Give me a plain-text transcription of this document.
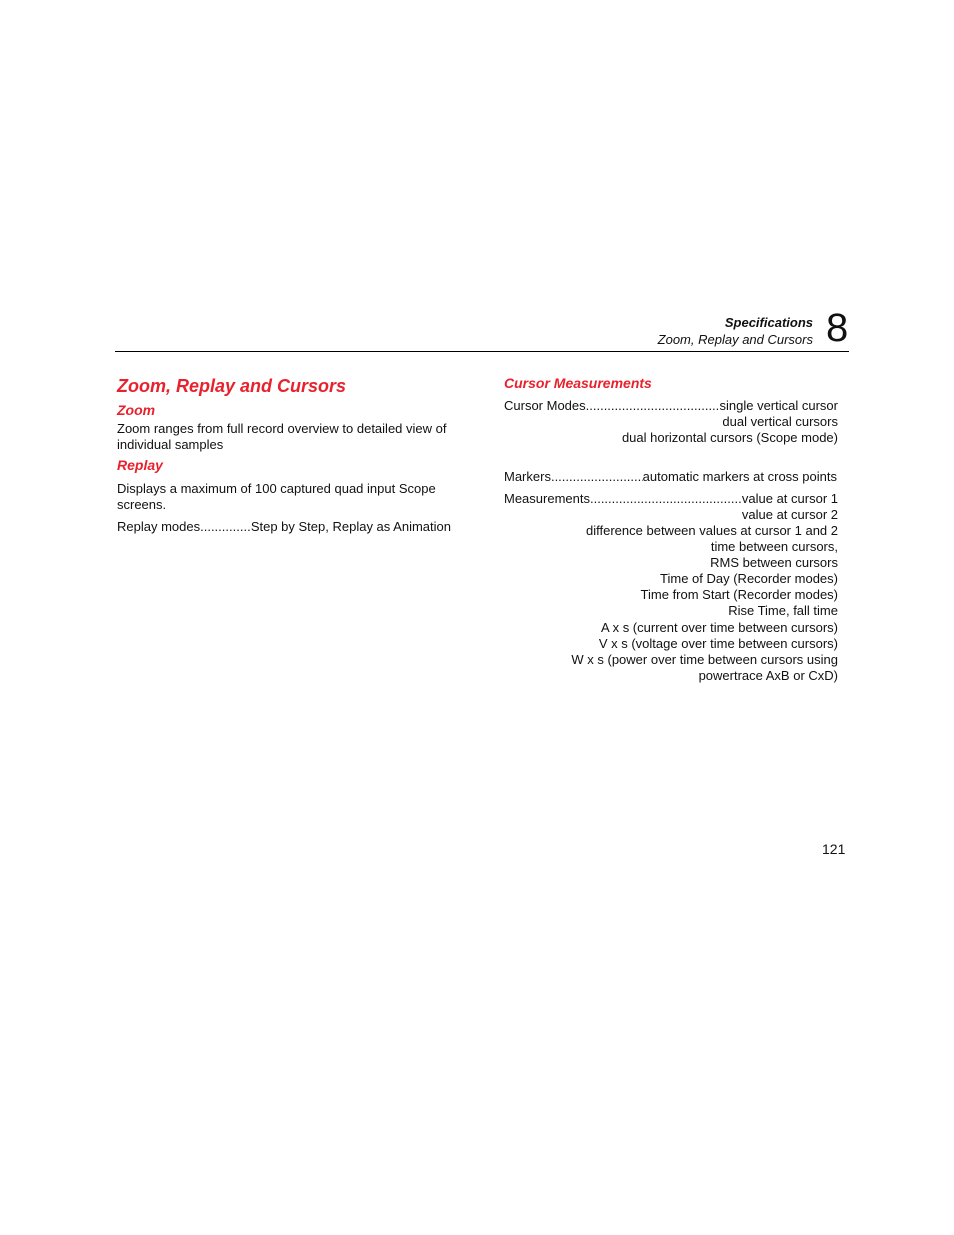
Specifications
Zoom, Replay and Cursors 8
Zoom, Replay and Cursors
Zoom
Zoom ranges from full record overview to detailed view of individual samples
Replay
Displays a maximum of 100 captured quad input Scope screens.
Replay modes .....	Step by Step, Replay as Animation
Cursor Measurements
Cursor Modes .....	single vertical cursor
dual vertical cursors
dual horizontal cursors (Scope mode)
Markers .....	automatic markers at cross points
Measurements .....	value at cursor 1
value at cursor 2
difference between values at cursor 1 and 2
time between cursors,
RMS between cursors
Time of Day (Recorder modes)
Time from Start (Recorder modes)
Rise Time, fall time
A x s (current over time between cursors)
V x s (voltage over time between cursors)
W x s (power over time between cursors using
powertrace AxB or CxD)
121
